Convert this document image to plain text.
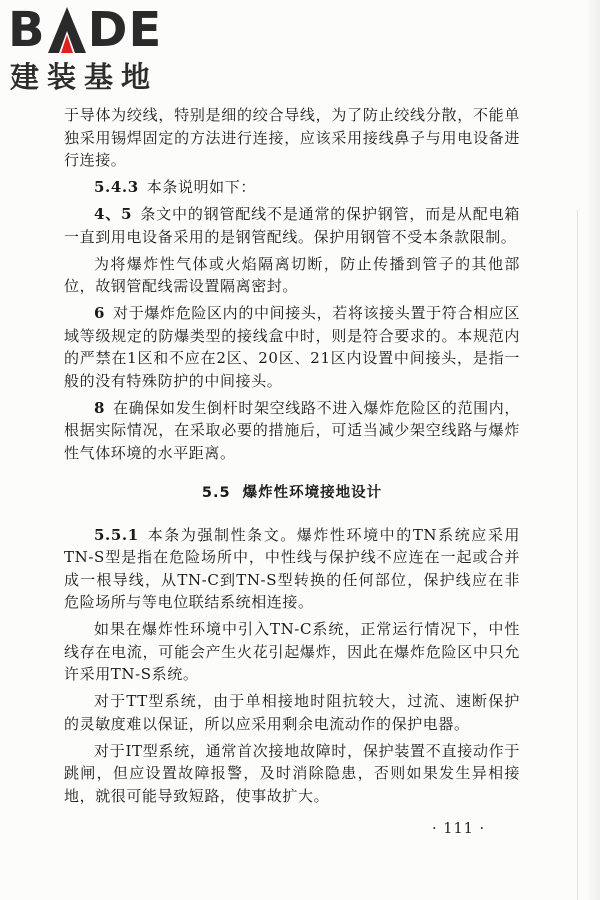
B DE
建装基地

于导体为绞线，特别是细的绞合导线，为了防止绞线分散，不能单独采用锡焊固定的方法进行连接，应该采用接线鼻子与用电设备进行连接。

5.4.3 本条说明如下：

4、5 条文中的钢管配线不是通常的保护钢管，而是从配电箱一直到用电设备采用的是钢管配线。保护用钢管不受本条款限制。

为将爆炸性气体或火焰隔离切断，防止传播到管子的其他部位，故钢管配线需设置隔离密封。

6 对于爆炸危险区内的中间接头，若将该接头置于符合相应区域等级规定的防爆类型的接线盒中时，则是符合要求的。本规范内的严禁在1区和不应在2区、20区、21区内设置中间接头，是指一般的没有特殊防护的中间接头。

8 在确保如发生倒杆时架空线路不进入爆炸危险区的范围内，根据实际情况，在采取必要的措施后，可适当减少架空线路与爆炸性气体环境的水平距离。

5.5 爆炸性环境接地设计

5.5.1 本条为强制性条文。爆炸性环境中的TN系统应采用TN-S型是指在危险场所中，中性线与保护线不应连在一起或合并成一根导线，从TN-C到TN-S型转换的任何部位，保护线应在非危险场所与等电位联结系统相连接。

如果在爆炸性环境中引入TN-C系统，正常运行情况下，中性线存在电流，可能会产生火花引起爆炸，因此在爆炸危险区中只允许采用TN-S系统。

对于TT型系统，由于单相接地时阻抗较大，过流、速断保护的灵敏度难以保证，所以应采用剩余电流动作的保护电器。

对于IT型系统，通常首次接地故障时，保护装置不直接动作于跳闸，但应设置故障报警，及时消除隐患，否则如果发生异相接地，就很可能导致短路，使事故扩大。

· 111 ·
